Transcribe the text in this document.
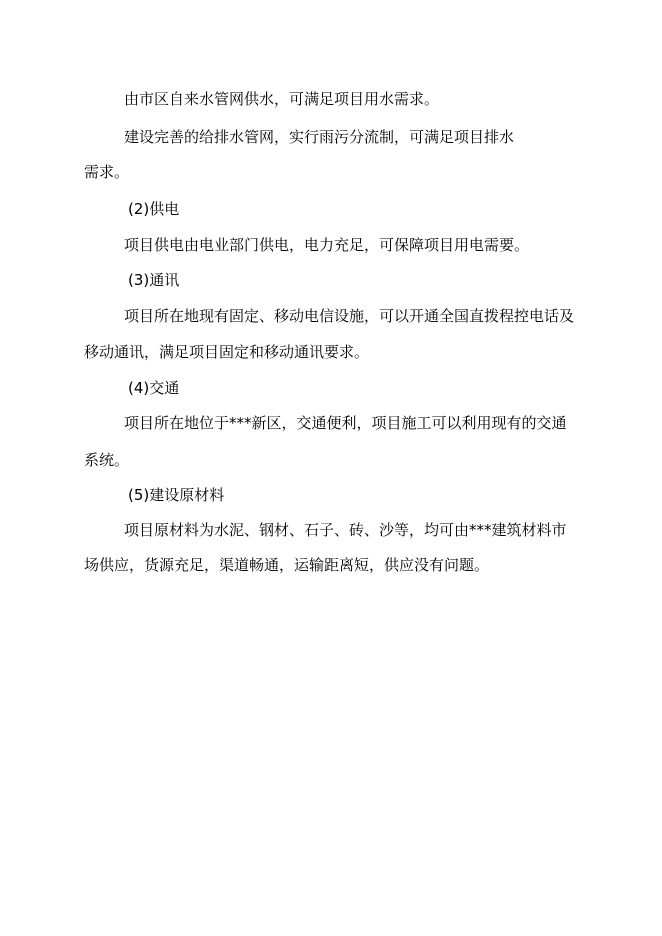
由市区自来水管网供水，可满足项目用水需求。
建设完善的给排水管网，实行雨污分流制，可满足项目排水
需求。
(2)供电
项目供电由电业部门供电，电力充足，可保障项目用电需要。
(3)通讯
项目所在地现有固定、移动电信设施，可以开通全国直拨程控电话及
移动通讯，满足项目固定和移动通讯要求。
(4)交通
项目所在地位于***新区，交通便利，项目施工可以利用现有的交通
系统。
(5)建设原材料
项目原材料为水泥、钢材、石子、砖、沙等，均可由***建筑材料市
场供应，货源充足，渠道畅通，运输距离短，供应没有问题。
